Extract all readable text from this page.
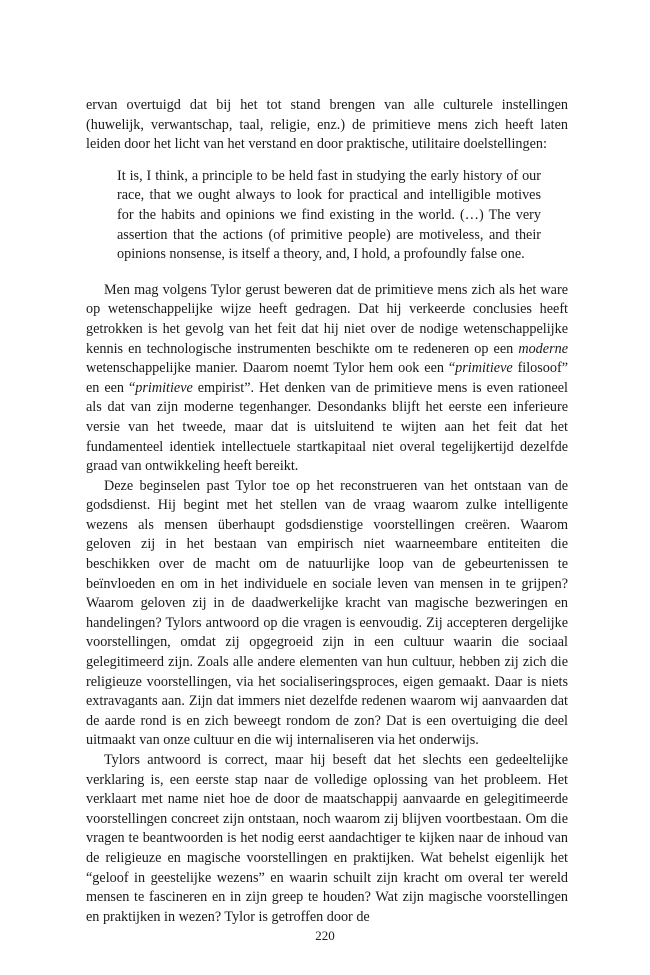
ervan overtuigd dat bij het tot stand brengen van alle culturele instellingen (huwelijk, verwantschap, taal, religie, enz.) de primitieve mens zich heeft laten leiden door het licht van het verstand en door praktische, utilitaire doelstellingen:

It is, I think, a principle to be held fast in studying the early history of our race, that we ought always to look for practical and intelligible motives for the habits and opinions we find existing in the world. (…) The very assertion that the actions (of primitive people) are motiveless, and their opinions nonsense, is itself a theory, and, I hold, a profoundly false one.

Men mag volgens Tylor gerust beweren dat de primitieve mens zich als het ware op wetenschappelijke wijze heeft gedragen. Dat hij verkeerde conclusies heeft getrokken is het gevolg van het feit dat hij niet over de nodige wetenschappelijke kennis en technologische instrumenten beschikte om te redeneren op een moderne wetenschappelijke manier. Daarom noemt Tylor hem ook een “primitieve filosoof” en een “primitieve empirist”. Het denken van de primitieve mens is even rationeel als dat van zijn moderne tegenhanger. Desondanks blijft het eerste een inferieure versie van het tweede, maar dat is uitsluitend te wijten aan het feit dat het fundamenteel identiek intellectuele startkapitaal niet overal tegelijkertijd dezelfde graad van ontwikkeling heeft bereikt.

Deze beginselen past Tylor toe op het reconstrueren van het ontstaan van de godsdienst. Hij begint met het stellen van de vraag waarom zulke intelligente wezens als mensen überhaupt godsdienstige voorstellingen creëren. Waarom geloven zij in het bestaan van empirisch niet waarneembare entiteiten die beschikken over de macht om de natuurlijke loop van de gebeurtenissen te beïnvloeden en om in het individuele en sociale leven van mensen in te grijpen? Waarom geloven zij in de daadwerkelijke kracht van magische bezweringen en handelingen? Tylors antwoord op die vragen is eenvoudig. Zij accepteren dergelijke voorstellingen, omdat zij opgegroeid zijn in een cultuur waarin die sociaal gelegitimeerd zijn. Zoals alle andere elementen van hun cultuur, hebben zij zich die religieuze voorstellingen, via het socialiseringsproces, eigen gemaakt. Daar is niets extravagants aan. Zijn dat immers niet dezelfde redenen waarom wij aanvaarden dat de aarde rond is en zich beweegt rondom de zon? Dat is een overtuiging die deel uitmaakt van onze cultuur en die wij internaliseren via het onderwijs.

Tylors antwoord is correct, maar hij beseft dat het slechts een gedeeltelijke verklaring is, een eerste stap naar de volledige oplossing van het probleem. Het verklaart met name niet hoe de door de maatschappij aanvaarde en gelegitimeerde voorstellingen concreet zijn ontstaan, noch waarom zij blijven voortbestaan. Om die vragen te beantwoorden is het nodig eerst aandachtiger te kijken naar de inhoud van de religieuze en magische voorstellingen en praktijken. Wat behelst eigenlijk het “geloof in geestelijke wezens” en waarin schuilt zijn kracht om overal ter wereld mensen te fascineren en in zijn greep te houden? Wat zijn magische voorstellingen en praktijken in wezen? Tylor is getroffen door de

220
